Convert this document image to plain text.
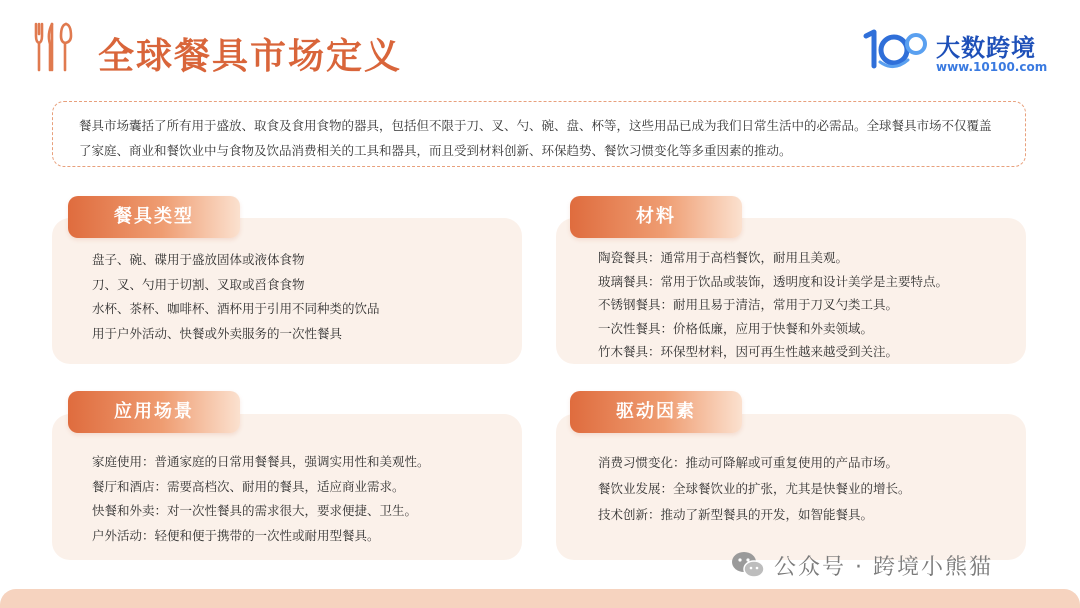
全球餐具市场定义	大数跨境
www.10100.com
餐具市场囊括了所有用于盛放、取食及食用食物的器具，包括但不限于刀、叉、勺、碗、盘、杯等，这些用品已成为我们日常生活中的必需品。全球餐具市场不仅覆盖了家庭、商业和餐饮业中与食物及饮品消费相关的工具和器具，而且受到材料创新、环保趋势、餐饮习惯变化等多重因素的推动。
盘子、碗、碟用于盛放固体或液体食物
刀、叉、勺用于切割、叉取或舀食食物
水杯、茶杯、咖啡杯、酒杯用于引用不同种类的饮品
用于户外活动、快餐或外卖服务的一次性餐具
餐具类型
陶瓷餐具：通常用于高档餐饮，耐用且美观。
玻璃餐具：常用于饮品或装饰，透明度和设计美学是主要特点。
不锈钢餐具：耐用且易于清洁，常用于刀叉勺类工具。
一次性餐具：价格低廉，应用于快餐和外卖领域。
竹木餐具：环保型材料，因可再生性越来越受到关注。
材料
家庭使用：普通家庭的日常用餐餐具，强调实用性和美观性。
餐厅和酒店：需要高档次、耐用的餐具，适应商业需求。
快餐和外卖：对一次性餐具的需求很大，要求便捷、卫生。
户外活动：轻便和便于携带的一次性或耐用型餐具。
应用场景
消费习惯变化：推动可降解或可重复使用的产品市场。
餐饮业发展：全球餐饮业的扩张，尤其是快餐业的增长。
技术创新：推动了新型餐具的开发，如智能餐具。
驱动因素
公众号 · 跨境小熊猫
